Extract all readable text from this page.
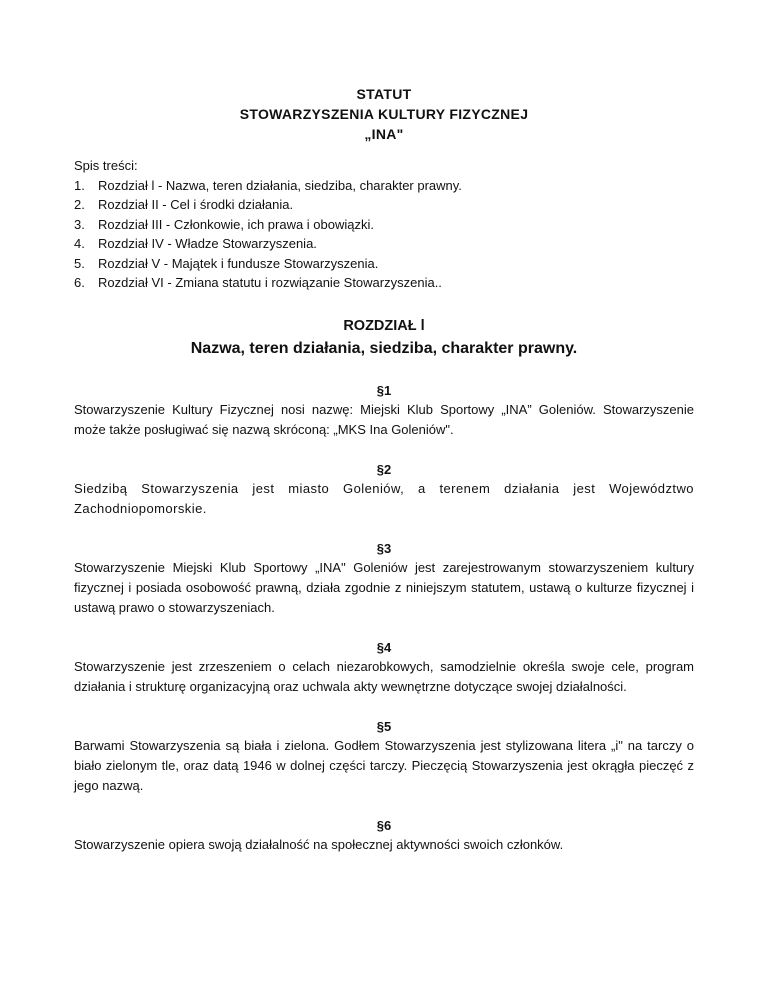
STATUT
STOWARZYSZENIA KULTURY FIZYCZNEJ
„INA"
Spis treści:
1.	Rozdział l - Nazwa, teren działania, siedziba, charakter prawny.
2.	Rozdział II - Cel i środki działania.
3.	Rozdział III - Członkowie, ich prawa i obowiązki.
4.	Rozdział IV - Władze Stowarzyszenia.
5.	Rozdział V - Majątek i fundusze Stowarzyszenia.
6.	Rozdział VI - Zmiana statutu i rozwiązanie Stowarzyszenia..
ROZDZIAŁ l
Nazwa, teren działania, siedziba, charakter prawny.
§1

Stowarzyszenie Kultury Fizycznej nosi nazwę: Miejski Klub Sportowy „INA” Goleniów. Stowarzyszenie może także posługiwać się nazwą skróconą: „MKS Ina Goleniów".

§2

Siedzibą Stowarzyszenia jest miasto Goleniów, a terenem działania jest Województwo Zachodniopomorskie.

§3

Stowarzyszenie Miejski Klub Sportowy „INA" Goleniów jest zarejestrowanym stowarzyszeniem kultury fizycznej i posiada osobowość prawną, działa zgodnie z niniejszym statutem, ustawą o kulturze fizycznej i ustawą prawo o stowarzyszeniach.

§4

Stowarzyszenie jest zrzeszeniem o celach niezarobkowych, samodzielnie określa swoje cele, program działania i strukturę organizacyjną oraz uchwala akty wewnętrzne dotyczące swojej działalności.

§5

Barwami Stowarzyszenia są biała i zielona. Godłem Stowarzyszenia jest stylizowana litera „i" na tarczy o biało zielonym tle, oraz datą 1946 w dolnej części tarczy. Pieczęcią Stowarzyszenia jest okrągła pieczęć z jego nazwą.

§6

Stowarzyszenie opiera swoją działalność na społecznej aktywności swoich członków.
